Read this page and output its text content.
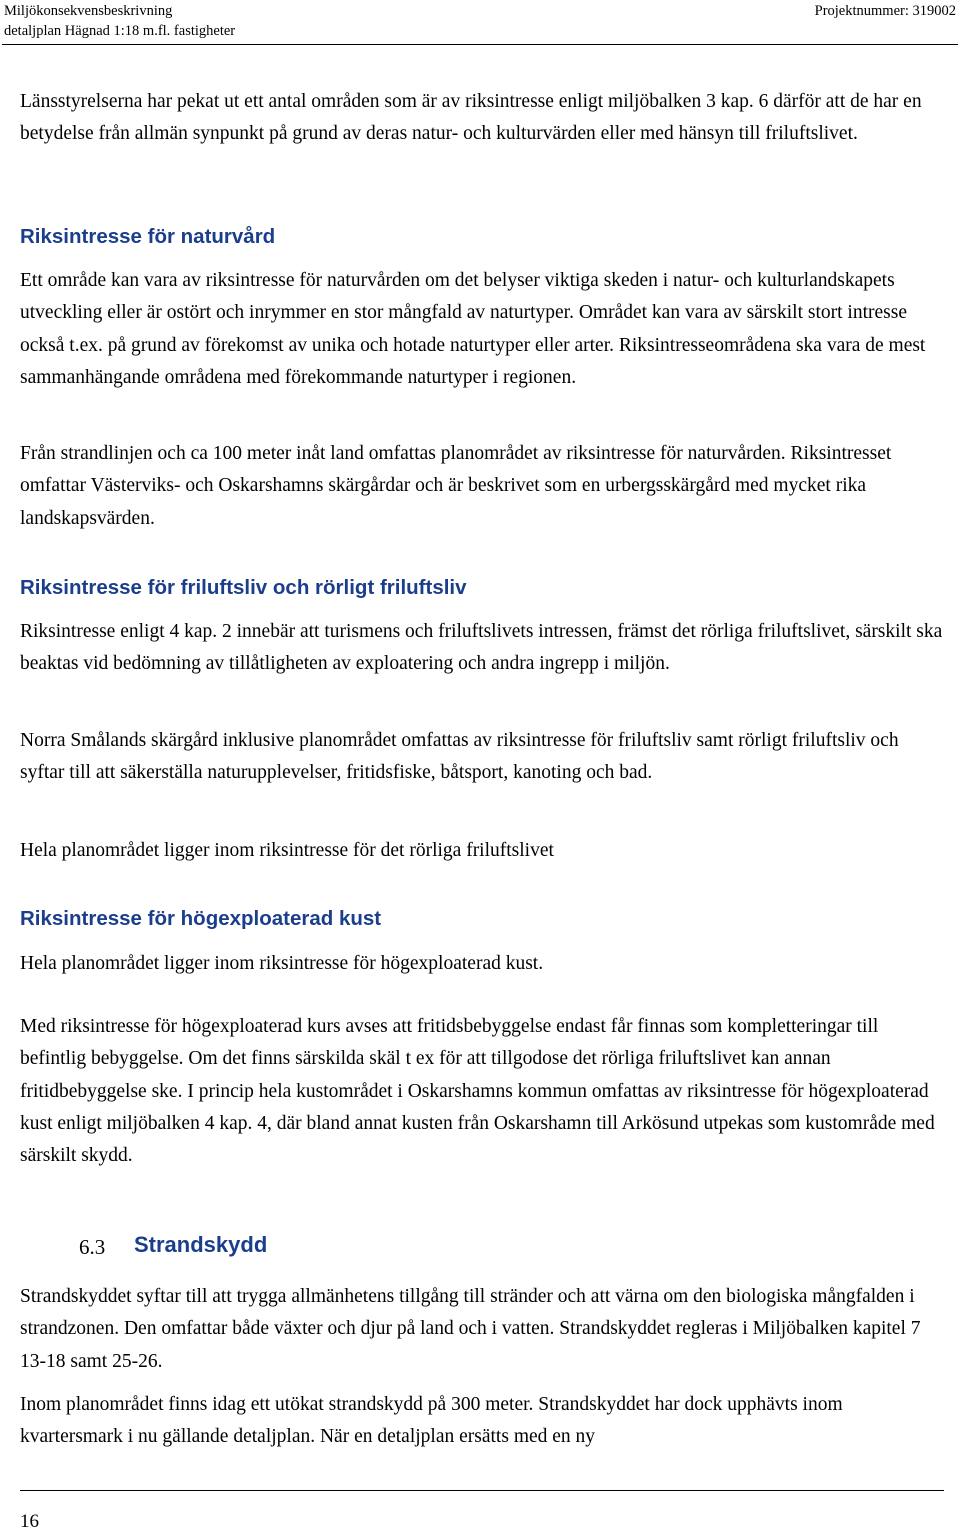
Miljökonsekvensbeskrivning
detaljplan Hägnad 1:18 m.fl. fastigheter
Projektnummer: 319002

Länsstyrelserna har pekat ut ett antal områden som är av riksintresse enligt miljöbalken 3 kap. 6 därför att de har en betydelse från allmän synpunkt på grund av deras natur- och kulturvärden eller med hänsyn till friluftslivet.

Riksintresse för naturvård

Ett område kan vara av riksintresse för naturvården om det belyser viktiga skeden i natur- och kulturlandskapets utveckling eller är ostört och inrymmer en stor mångfald av naturtyper. Området kan vara av särskilt stort intresse också t.ex. på grund av förekomst av unika och hotade naturtyper eller arter. Riksintresseområdena ska vara de mest sammanhängande områdena med förekommande naturtyper i regionen.

Från strandlinjen och ca 100 meter inåt land omfattas planområdet av riksintresse för naturvården. Riksintresset omfattar Västerviks- och Oskarshamns skärgårdar och är beskrivet som en urbergsskärgård med mycket rika landskapsvärden.

Riksintresse för friluftsliv och rörligt friluftsliv

Riksintresse enligt 4 kap. 2 innebär att turismens och friluftslivets intressen, främst det rörliga friluftslivet, särskilt ska beaktas vid bedömning av tillåtligheten av exploatering och andra ingrepp i miljön.

Norra Smålands skärgård inklusive planområdet omfattas av riksintresse för friluftsliv samt rörligt friluftsliv och syftar till att säkerställa naturupplevelser, fritidsfiske, båtsport, kanoting och bad.

Hela planområdet ligger inom riksintresse för det rörliga friluftslivet

Riksintresse för högexploaterad kust

Hela planområdet ligger inom riksintresse för högexploaterad kust.

Med riksintresse för högexploaterad kurs avses att fritidsbebyggelse endast får finnas som kompletteringar till befintlig bebyggelse. Om det finns särskilda skäl t ex för att tillgodose det rörliga friluftslivet kan annan fritidbebyggelse ske. I princip hela kustområdet i Oskarshamns kommun omfattas av riksintresse för högexploaterad kust enligt miljöbalken 4 kap. 4, där bland annat kusten från Oskarshamn till Arkösund utpekas som kustområde med särskilt skydd.

6.3 Strandskydd

Strandskyddet syftar till att trygga allmänhetens tillgång till stränder och att värna om den biologiska mångfalden i strandzonen. Den omfattar både växter och djur på land och i vatten. Strandskyddet regleras i Miljöbalken kapitel 7 13-18 samt 25-26.

Inom planområdet finns idag ett utökat strandskydd på 300 meter. Strandskyddet har dock upphävts inom kvartersmark i nu gällande detaljplan. När en detaljplan ersätts med en ny

16
